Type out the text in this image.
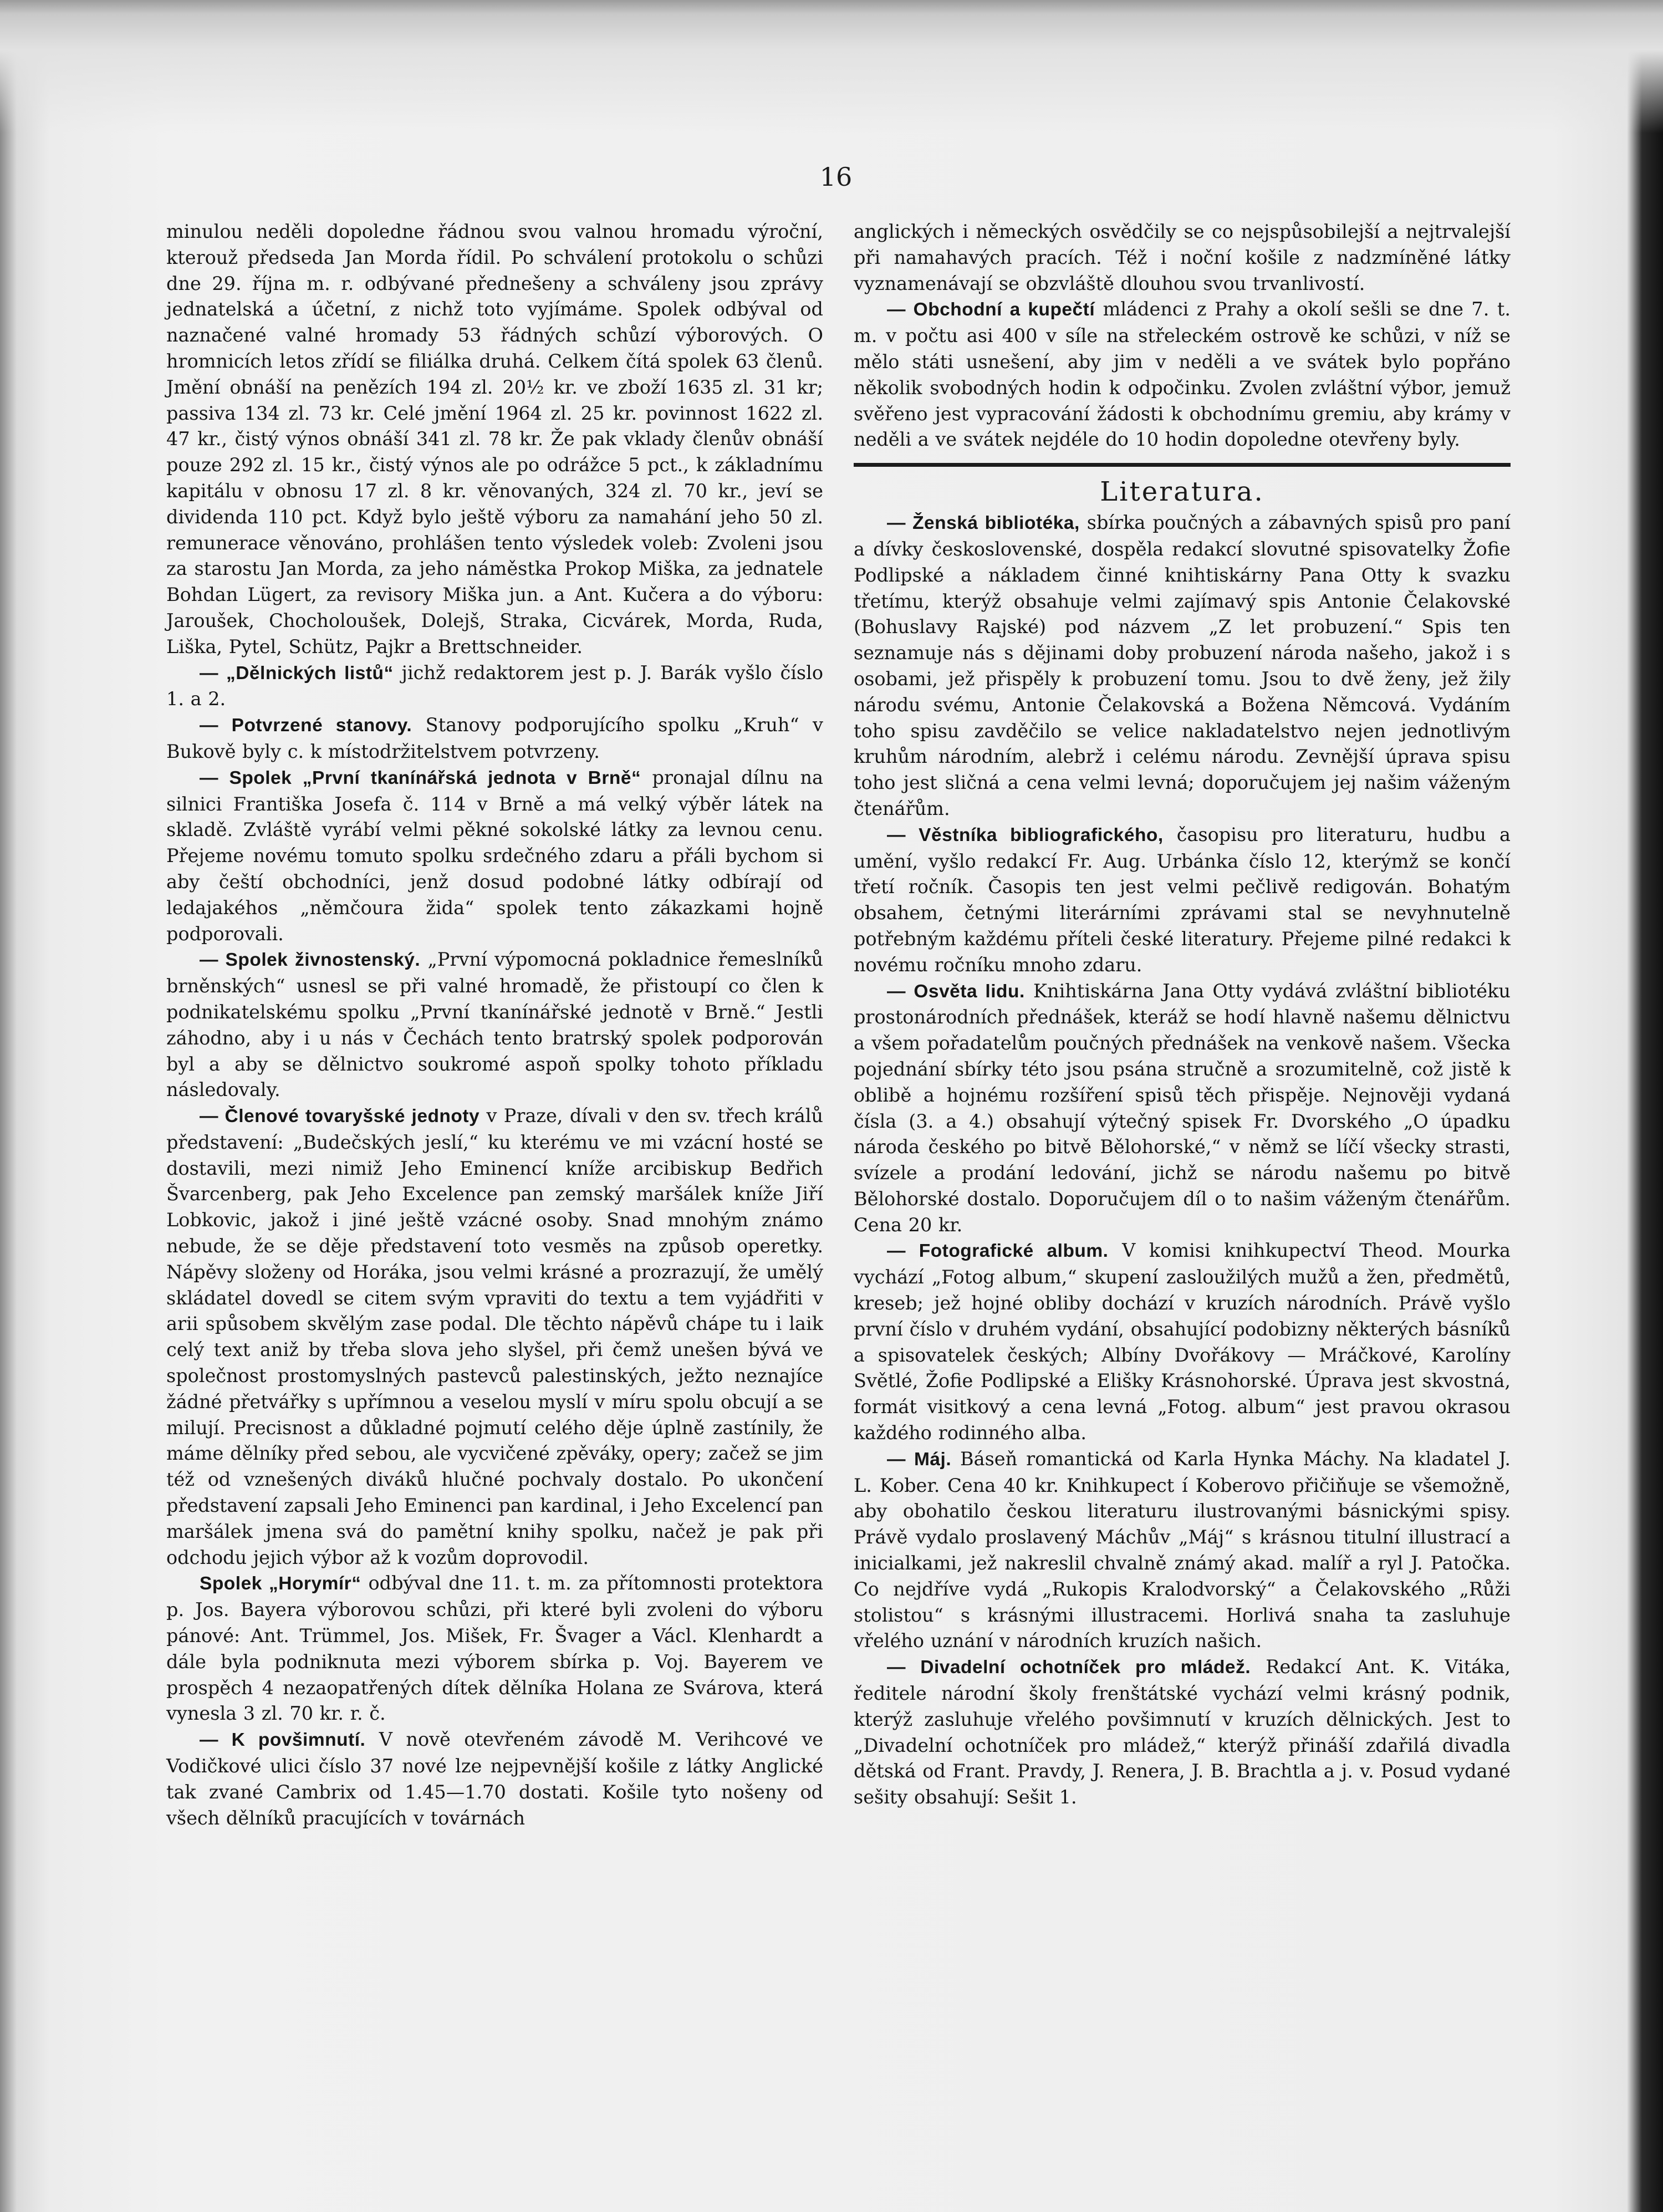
16

minulou neděli dopoledne řádnou svou valnou hromadu výroční, kterouž předseda Jan Morda řídil. Po schválení protokolu o schůzi dne 29. října m. r. odbývané přednešeny a schváleny jsou zprávy jednatelská a účetní, z nichž toto vyjímáme. Spolek odbýval od naznačené valné hromady 53 řádných schůzí výborových. O hromnicích letos zřídí se filiálka druhá. Celkem čítá spolek 63 členů. Jmění obnáší na penězích 194 zl. 20½ kr. ve zboží 1635 zl. 31 kr; passiva 134 zl. 73 kr. Celé jmění 1964 zl. 25 kr. povinnost 1622 zl. 47 kr., čistý výnos obnáší 341 zl. 78 kr. Že pak vklady členův obnáší pouze 292 zl. 15 kr., čistý výnos ale po odrážce 5 pct., k základnímu kapitálu v obnosu 17 zl. 8 kr. věnovaných, 324 zl. 70 kr., jeví se dividenda 110 pct. Když bylo ještě výboru za namahání jeho 50 zl. remunerace věnováno, prohlášen tento výsledek voleb: Zvoleni jsou za starostu Jan Morda, za jeho náměstka Prokop Miška, za jednatele Bohdan Lügert, za revisory Miška jun. a Ant. Kučera a do výboru: Jaroušek, Chocholoušek, Dolejš, Straka, Cicvárek, Morda, Ruda, Liška, Pytel, Schütz, Pajkr a Brettschneider.

— „Dělnických listů“ jichž redaktorem jest p. J. Barák vyšlo číslo 1. a 2.

— Potvrzené stanovy. Stanovy podporujícího spolku „Kruh“ v Bukově byly c. k místodržitelstvem potvrzeny.

— Spolek „První tkanínářská jednota v Brně“ pronajal dílnu na silnici Františka Josefa č. 114 v Brně a má velký výběr látek na skladě. Zvláště vyrábí velmi pěkné sokolské látky za levnou cenu. Přejeme novému tomuto spolku srdečného zdaru a přáli bychom si aby čeští obchodníci, jenž dosud podobné látky odbírají od ledajakéhos „němčoura žida“ spolek tento zákazkami hojně podporovali.

— Spolek živnostenský. „První výpomocná pokladnice řemeslníků brněnských“ usnesl se při valné hromadě, že přistoupí co člen k podnikatelskému spolku „První tkanínářské jednotě v Brně.“ Jestli záhodno, aby i u nás v Čechách tento bratrský spolek podporován byl a aby se dělnictvo soukromé aspoň spolky tohoto příkladu následovaly.

— Členové tovaryšské jednoty v Praze, dívali v den sv. třech králů představení: „Budečských jeslí,“ ku kterému ve mi vzácní hosté se dostavili, mezi nimiž Jeho Eminencí kníže arcibiskup Bedřich Švarcenberg, pak Jeho Excelence pan zemský maršálek kníže Jiří Lobkovic, jakož i jiné ještě vzácné osoby. Snad mnohým známo nebude, že se děje představení toto vesměs na způsob operetky. Nápěvy složeny od Horáka, jsou velmi krásné a prozrazují, že umělý skládatel dovedl se citem svým vpraviti do textu a tem vyjádřiti v arii spůsobem skvělým zase podal. Dle těchto nápěvů chápe tu i laik celý text aniž by třeba slova jeho slyšel, při čemž unešen bývá ve společnost prostomyslných pastevců palestinských, ježto neznajíce žádné přetvářky s upřímnou a veselou myslí v míru spolu obcují a se milují. Precisnost a důkladné pojmutí celého děje úplně zastínily, že máme dělníky před sebou, ale vycvičené zpěváky, opery; začež se jim též od vznešených diváků hlučné pochvaly dostalo. Po ukončení představení zapsali Jeho Eminenci pan kardinal, i Jeho Excelencí pan maršálek jmena svá do pamětní knihy spolku, načež je pak při odchodu jejich výbor až k vozům doprovodil.

Spolek „Horymír“ odbýval dne 11. t. m. za přítomnosti protektora p. Jos. Bayera výborovou schůzi, při které byli zvoleni do výboru pánové: Ant. Trümmel, Jos. Mišek, Fr. Švager a Václ. Klenhardt a dále byla podniknuta mezi výborem sbírka p. Voj. Bayerem ve prospěch 4 nezaopatřených dítek dělníka Holana ze Svárova, která vynesla 3 zl. 70 kr. r. č.

— K povšimnutí. V nově otevřeném závodě M. Verihcové ve Vodičkové ulici číslo 37 nové lze nejpevnější košile z látky Anglické tak zvané Cambrix od 1.45—1.70 dostati. Košile tyto nošeny od všech dělníků pracujících v továrnách

anglických i německých osvědčily se co nejspůsobilejší a nejtrvalejší při namahavých pracích. Též i noční košile z nadzmíněné látky vyznamenávají se obzvláště dlouhou svou trvanlivostí.

— Obchodní a kupečtí mládenci z Prahy a okolí sešli se dne 7. t. m. v počtu asi 400 v síle na střeleckém ostrově ke schůzi, v níž se mělo státi usnešení, aby jim v neděli a ve svátek bylo popřáno několik svobodných hodin k odpočinku. Zvolen zvláštní výbor, jemuž svěřeno jest vypracování žádosti k obchodnímu gremiu, aby krámy v neděli a ve svátek nejdéle do 10 hodin dopoledne otevřeny byly.

Literatura.

— Ženská bibliotéka, sbírka poučných a zábavných spisů pro paní a dívky československé, dospěla redakcí slovutné spisovatelky Žofie Podlipské a nákladem činné knihtiskárny Pana Otty k svazku třetímu, kterýž obsahuje velmi zajímavý spis Antonie Čelakovské (Bohuslavy Rajské) pod názvem „Z let probuzení.“ Spis ten seznamuje nás s dějinami doby probuzení národa našeho, jakož i s osobami, jež přispěly k probuzení tomu. Jsou to dvě ženy, jež žily národu svému, Antonie Čelakovská a Božena Němcová. Vydáním toho spisu zavděčilo se velice nakladatelstvo nejen jednotlivým kruhům národním, alebrž i celému národu. Zevnější úprava spisu toho jest sličná a cena velmi levná; doporučujem jej našim váženým čtenářům.

— Věstníka bibliografického, časopisu pro literaturu, hudbu a umění, vyšlo redakcí Fr. Aug. Urbánka číslo 12, kterýmž se končí třetí ročník. Časopis ten jest velmi pečlivě redigován. Bohatým obsahem, četnými literárními zprávami stal se nevyhnutelně potřebným každému příteli české literatury. Přejeme pilné redakci k novému ročníku mnoho zdaru.

— Osvěta lidu. Knihtiskárna Jana Otty vydává zvláštní bibliotéku prostonárodních přednášek, kteráž se hodí hlavně našemu dělnictvu a všem pořadatelům poučných přednášek na venkově našem. Všecka pojednání sbírky této jsou psána stručně a srozumitelně, což jistě k oblibě a hojnému rozšíření spisů těch přispěje. Nejnověji vydaná čísla (3. a 4.) obsahují výtečný spisek Fr. Dvorského „O úpadku národa českého po bitvě Bělohorské,“ v němž se líčí všecky strasti, svízele a prodání ledování, jichž se národu našemu po bitvě Bělohorské dostalo. Doporučujem díl o to našim váženým čtenářům. Cena 20 kr.

— Fotografické album. V komisi knihkupectví Theod. Mourka vychází „Fotog album,“ skupení zasloužilých mužů a žen, předmětů, kreseb; jež hojné obliby dochází v kruzích národních. Právě vyšlo první číslo v druhém vydání, obsahující podobizny některých básníků a spisovatelek českých; Albíny Dvořákovy — Mráčkové, Karolíny Světlé, Žofie Podlipské a Elišky Krásnohorské. Úprava jest skvostná, formát visitkový a cena levná „Fotog. album“ jest pravou okrasou každého rodinného alba.

— Máj. Báseň romantická od Karla Hynka Máchy. Na kladatel J. L. Kober. Cena 40 kr. Knihkupect í Koberovo přičiňuje se všemožně, aby obohatilo českou literaturu ilustrovanými básnickými spisy. Právě vydalo proslavený Máchův „Máj“ s krásnou titulní illustrací a inicialkami, jež nakreslil chvalně známý akad. malíř a ryl J. Patočka. Co nejdříve vydá „Rukopis Kralodvorský“ a Čelakovského „Růži stolistou“ s krásnými illustracemi. Horlivá snaha ta zasluhuje vřelého uznání v národních kruzích našich.

— Divadelní ochotníček pro mládež. Redakcí Ant. K. Vitáka, ředitele národní školy frenštátské vychází velmi krásný podnik, kterýž zasluhuje vřelého povšimnutí v kruzích dělnických. Jest to „Divadelní ochotníček pro mládež,“ kterýž přináší zdařilá divadla dětská od Frant. Pravdy, J. Renera, J. B. Brachtla a j. v. Posud vydané sešity obsahují: Sešit 1.
